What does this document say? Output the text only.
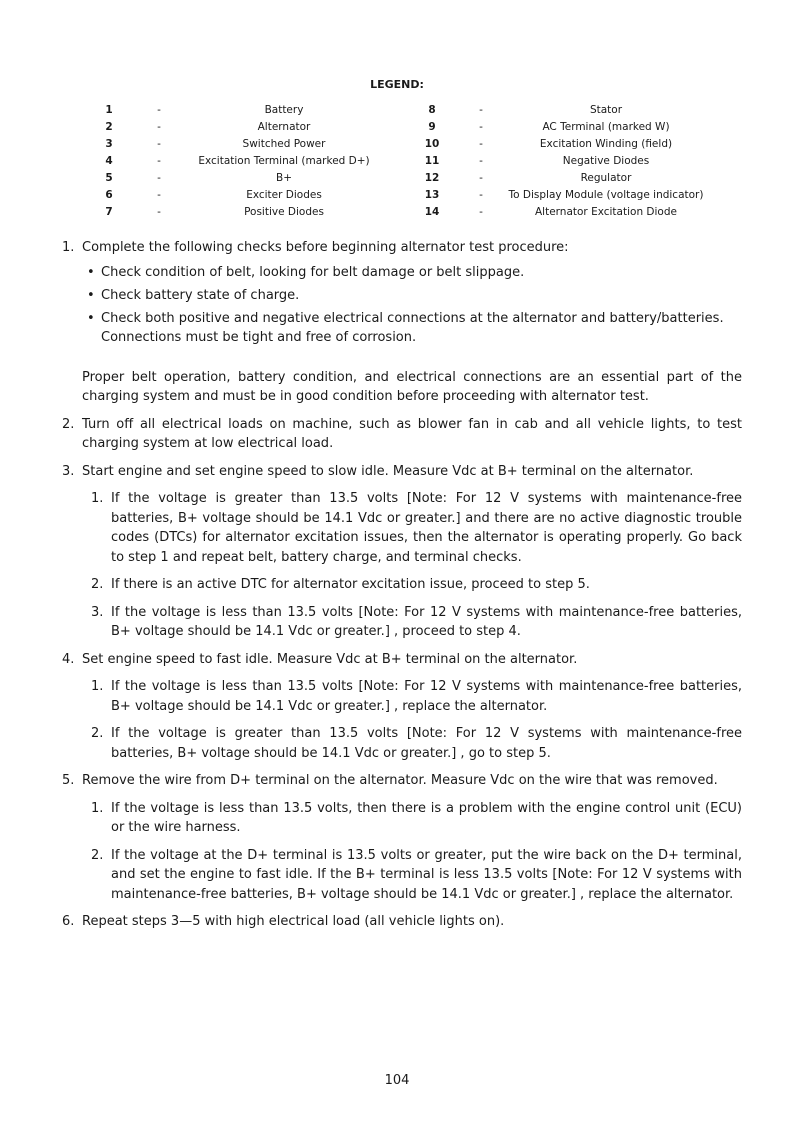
LEGEND:
1	-	Battery	8	-	Stator
2	-	Alternator	9	-	AC Terminal (marked W)
3	-	Switched Power	10	-	Excitation Winding (field)
4	-	Excitation Terminal (marked D+)	11	-	Negative Diodes
5	-	B+	12	-	Regulator
6	-	Exciter Diodes	13	-	To Display Module (voltage indicator)
7	-	Positive Diodes	14	-	Alternator Excitation Diode
1. Complete the following checks before beginning alternator test procedure:
• Check condition of belt, looking for belt damage or belt slippage.
• Check battery state of charge.
• Check both positive and negative electrical connections at the alternator and battery/batteries. Connections must be tight and free of corrosion.
Proper belt operation, battery condition, and electrical connections are an essential part of the charging system and must be in good condition before proceeding with alternator test.
2. Turn off all electrical loads on machine, such as blower fan in cab and all vehicle lights, to test charging system at low electrical load.
3. Start engine and set engine speed to slow idle. Measure Vdc at B+ terminal on the alternator.
1. If the voltage is greater than 13.5 volts [Note: For 12 V systems with maintenance-free batteries, B+ voltage should be 14.1 Vdc or greater.] and there are no active diagnostic trouble codes (DTCs) for alternator excitation issues, then the alternator is operating properly. Go back to step 1 and repeat belt, battery charge, and terminal checks.
2. If there is an active DTC for alternator excitation issue, proceed to step 5.
3. If the voltage is less than 13.5 volts [Note: For 12 V systems with maintenance-free batteries, B+ voltage should be 14.1 Vdc or greater.] , proceed to step 4.
4. Set engine speed to fast idle. Measure Vdc at B+ terminal on the alternator.
1. If the voltage is less than 13.5 volts [Note: For 12 V systems with maintenance-free batteries, B+ voltage should be 14.1 Vdc or greater.] , replace the alternator.
2. If the voltage is greater than 13.5 volts [Note: For 12 V systems with maintenance-free batteries, B+ voltage should be 14.1 Vdc or greater.] , go to step 5.
5. Remove the wire from D+ terminal on the alternator. Measure Vdc on the wire that was removed.
1. If the voltage is less than 13.5 volts, then there is a problem with the engine control unit (ECU) or the wire harness.
2. If the voltage at the D+ terminal is 13.5 volts or greater, put the wire back on the D+ terminal, and set the engine to fast idle. If the B+ terminal is less 13.5 volts [Note: For 12 V systems with maintenance-free batteries, B+ voltage should be 14.1 Vdc or greater.] , replace the alternator.
6. Repeat steps 3—5 with high electrical load (all vehicle lights on).
104
